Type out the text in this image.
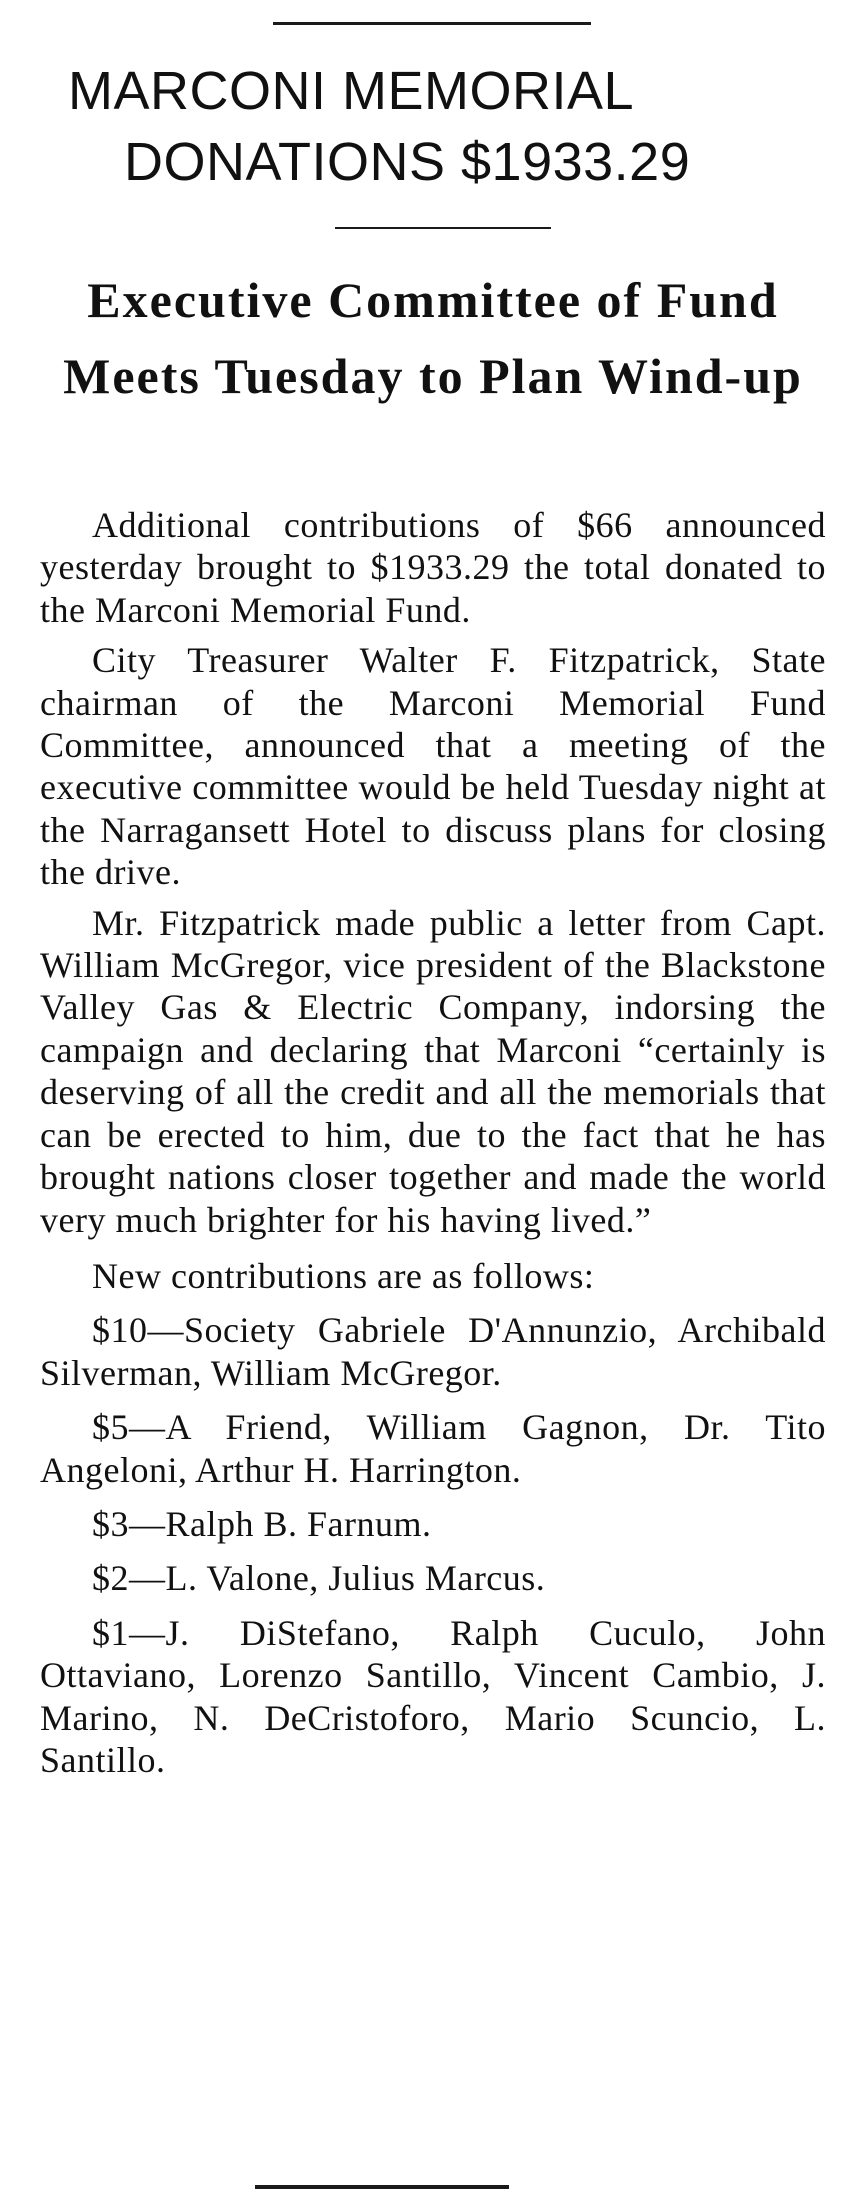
MARCONI MEMORIAL
DONATIONS $1933.29
Executive Committee of Fund Meets Tuesday to Plan Wind-up

Additional contributions of $66 announced yesterday brought to $1933.29 the total donated to the Marconi Memorial Fund.

City Treasurer Walter F. Fitzpatrick, State chairman of the Marconi Memorial Fund Committee, announced that a meeting of the executive committee would be held Tuesday night at the Narragansett Hotel to discuss plans for closing the drive.

Mr. Fitzpatrick made public a letter from Capt. William McGregor, vice president of the Blackstone Valley Gas & Electric Company, indorsing the campaign and declaring that Marconi “certainly is deserving of all the credit and all the memorials that can be erected to him, due to the fact that he has brought nations closer together and made the world very much brighter for his having lived.”

New contributions are as follows:

$10—Society Gabriele D'Annunzio, Archibald Silverman, William McGregor.

$5—A Friend, William Gagnon, Dr. Tito Angeloni, Arthur H. Harrington.

$3—Ralph B. Farnum.

$2—L. Valone, Julius Marcus.

$1—J. DiStefano, Ralph Cuculo, John Ottaviano, Lorenzo Santillo, Vincent Cambio, J. Marino, N. DeCristoforo, Mario Scuncio, L. Santillo.
